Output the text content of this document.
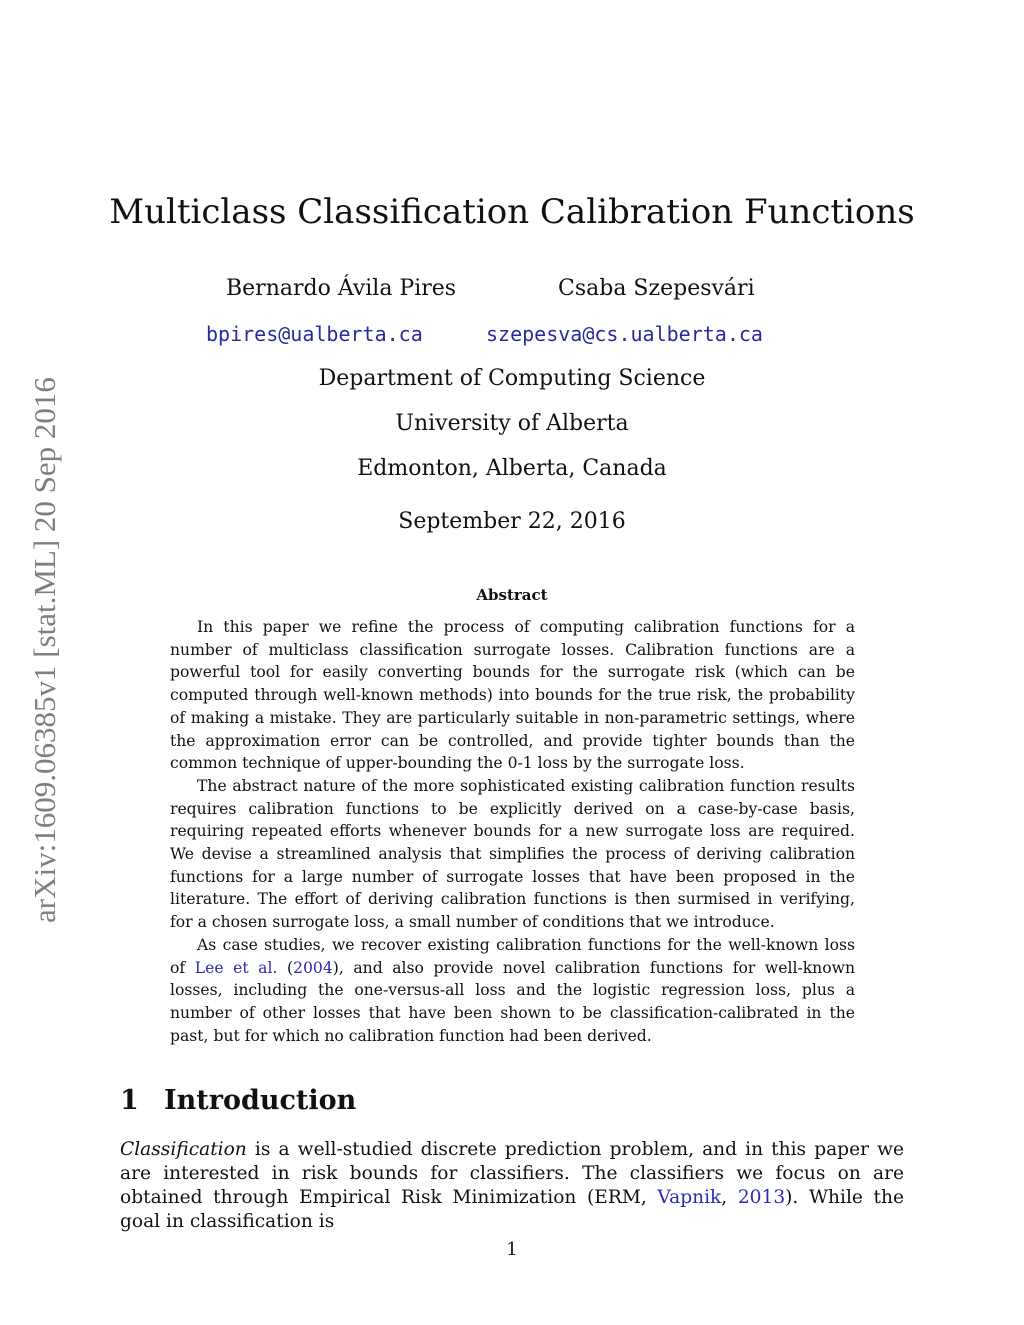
arXiv:1609.06385v1 [stat.ML] 20 Sep 2016
Multiclass Classification Calibration Functions
Bernardo Ávila Pires	Csaba Szepesvári
bpires@ualberta.ca	szepesva@cs.ualberta.ca
Department of Computing Science
University of Alberta
Edmonton, Alberta, Canada
September 22, 2016
Abstract

In this paper we refine the process of computing calibration functions for a number of multiclass classification surrogate losses. Calibration functions are a powerful tool for easily converting bounds for the surrogate risk (which can be computed through well-known methods) into bounds for the true risk, the probability of making a mistake. They are particularly suitable in non-parametric settings, where the approximation error can be controlled, and provide tighter bounds than the common technique of upper-bounding the 0-1 loss by the surrogate loss.

The abstract nature of the more sophisticated existing calibration function results requires calibration functions to be explicitly derived on a case-by-case basis, requiring repeated efforts whenever bounds for a new surrogate loss are required. We devise a streamlined analysis that simplifies the process of deriving calibration functions for a large number of surrogate losses that have been proposed in the literature. The effort of deriving calibration functions is then surmised in verifying, for a chosen surrogate loss, a small number of conditions that we introduce.

As case studies, we recover existing calibration functions for the well-known loss of Lee et al. (2004), and also provide novel calibration functions for well-known losses, including the one-versus-all loss and the logistic regression loss, plus a number of other losses that have been shown to be classification-calibrated in the past, but for which no calibration function had been derived.

1 Introduction

Classification is a well-studied discrete prediction problem, and in this paper we are interested in risk bounds for classifiers. The classifiers we focus on are obtained through Empirical Risk Minimization (ERM, Vapnik, 2013). While the goal in classification is

1
